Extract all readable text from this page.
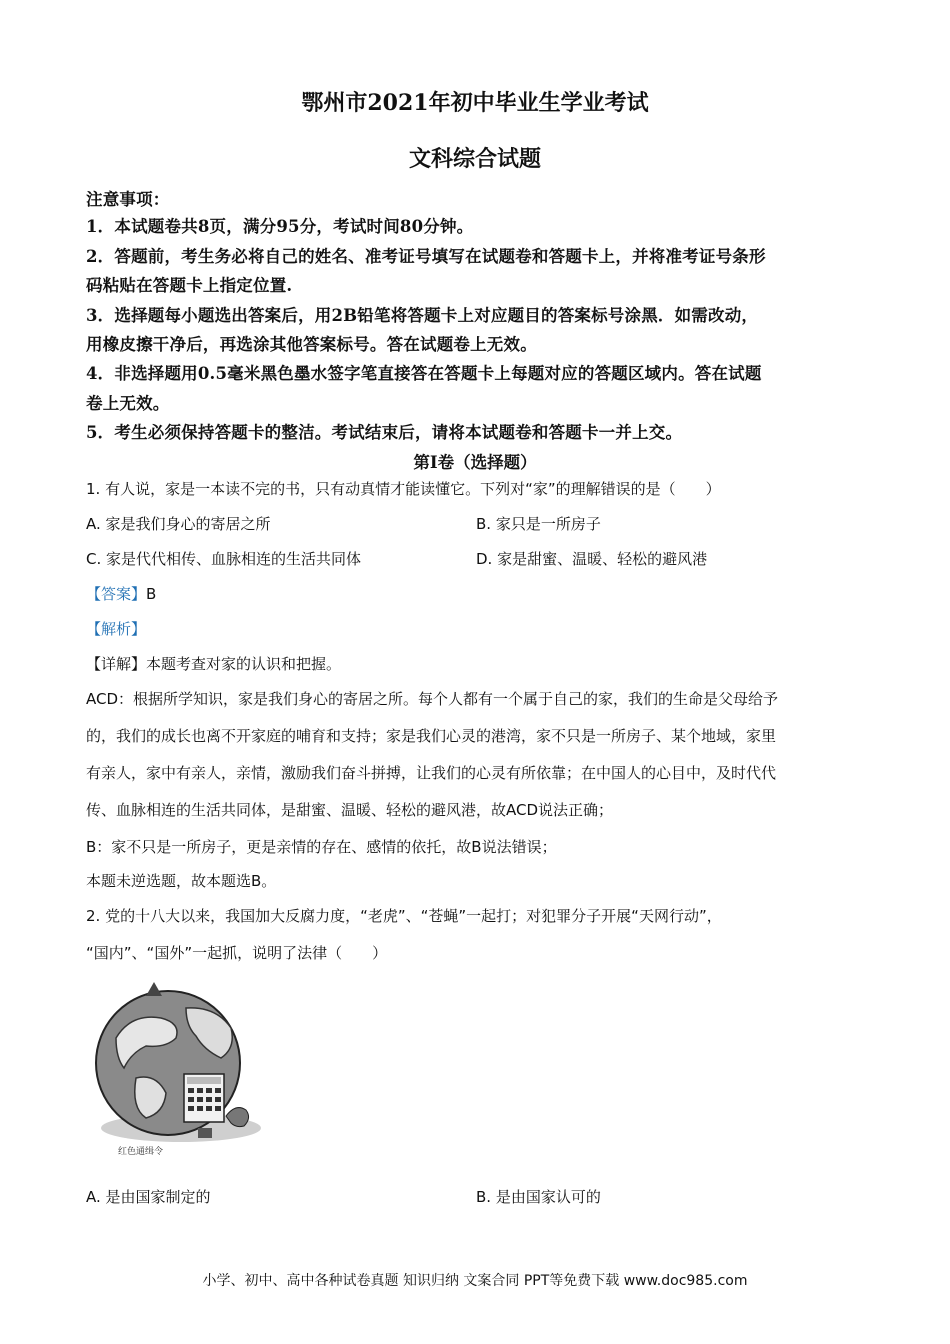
鄂州市2021年初中毕业生学业考试
文科综合试题
注意事项：
1．本试题卷共8页，满分95分，考试时间80分钟。
2．答题前，考生务必将自己的姓名、准考证号填写在试题卷和答题卡上，并将准考证号条形
码粘贴在答题卡上指定位置.
3．选择题每小题选出答案后，用2B铅笔将答题卡上对应题目的答案标号涂黑．如需改动，
用橡皮擦干净后，再选涂其他答案标号。答在试题卷上无效。
4．非选择题用0.5毫米黑色墨水签字笔直接答在答题卡上每题对应的答题区域内。答在试题
卷上无效。
5．考生必须保持答题卡的整洁。考试结束后，请将本试题卷和答题卡一并上交。
第Ⅰ卷（选择题）
1. 有人说，家是一本读不完的书，只有动真情才能读懂它。下列对“家”的理解错误的是（　　）
A. 家是我们身心的寄居之所	B. 家只是一所房子
C. 家是代代相传、血脉相连的生活共同体	D. 家是甜蜜、温暖、轻松的避风港
【答案】B
【解析】
【详解】本题考查对家的认识和把握。
ACD：根据所学知识，家是我们身心的寄居之所。每个人都有一个属于自己的家，我们的生命是父母给予
的，我们的成长也离不开家庭的哺育和支持；家是我们心灵的港湾，家不只是一所房子、某个地域，家里
有亲人，家中有亲人，亲情，激励我们奋斗拼搏，让我们的心灵有所依靠；在中国人的心目中，及时代代
传、血脉相连的生活共同体，是甜蜜、温暖、轻松的避风港，故ACD说法正确；
B：家不只是一所房子，更是亲情的存在、感情的依托，故B说法错误；
本题未逆选题，故本题选B。
2. 党的十八大以来，我国加大反腐力度，“老虎”、“苍蝇”一起打；对犯罪分子开展“天网行动”，
“国内”、“国外”一起抓，说明了法律（　　）
红色通缉令
A. 是由国家制定的	B. 是由国家认可的
小学、初中、高中各种试卷真题 知识归纳 文案合同 PPT等免费下载 www.doc985.com
